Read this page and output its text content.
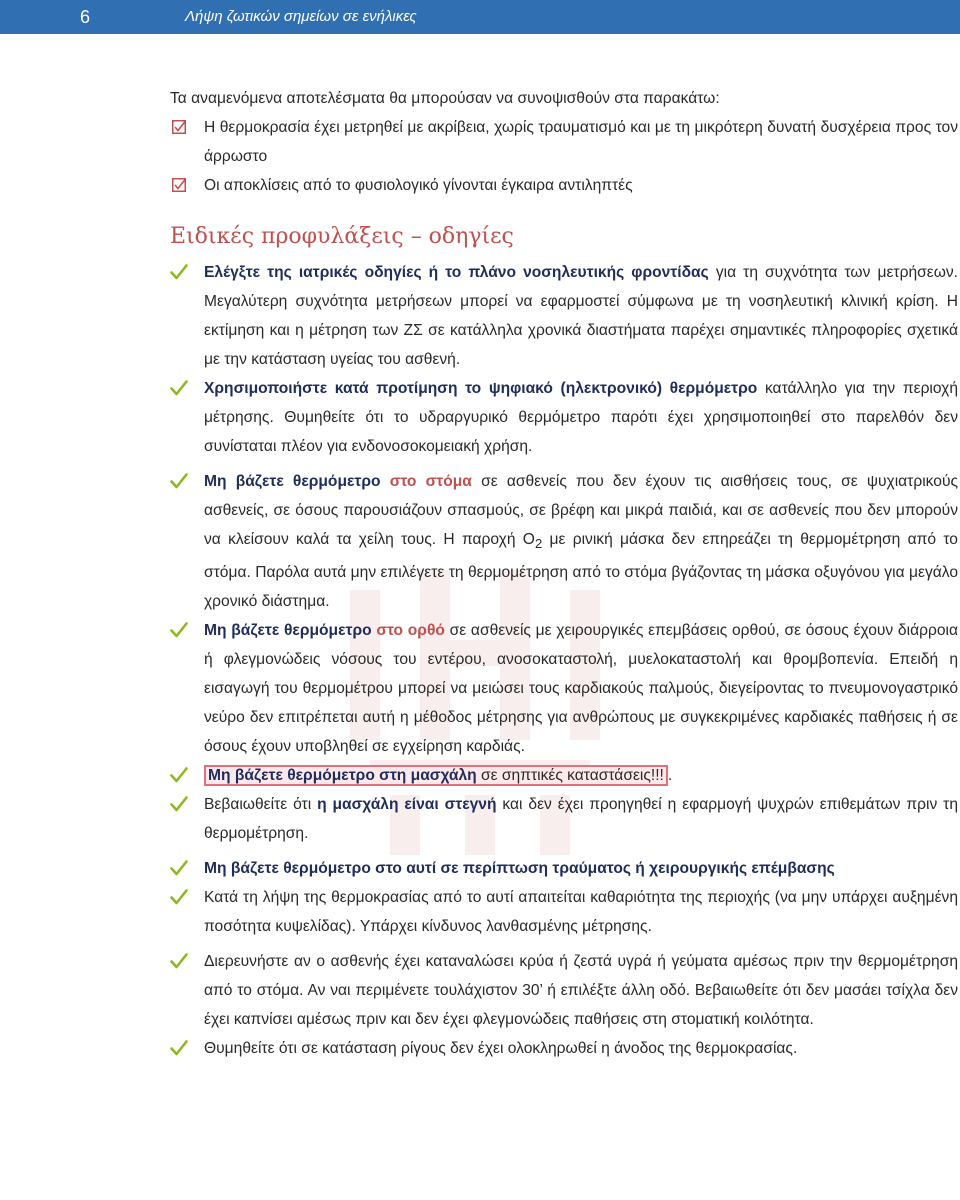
6	Λήψη ζωτικών σημείων σε ενήλικες
Τα αναμενόμενα αποτελέσματα θα μπορούσαν να συνοψισθούν στα παρακάτω:
Η θερμοκρασία έχει μετρηθεί με ακρίβεια, χωρίς τραυματισμό και με τη μικρότερη δυνατή δυσχέρεια προς τον άρρωστο
Οι αποκλίσεις από το φυσιολογικό γίνονται έγκαιρα αντιληπτές
Ειδικές προφυλάξεις – οδηγίες
Ελέγξτε της ιατρικές οδηγίες ή το πλάνο νοσηλευτικής φροντίδας για τη συχνότητα των μετρήσεων. Μεγαλύτερη συχνότητα μετρήσεων μπορεί να εφαρμοστεί σύμφωνα με τη νοσηλευτική κλινική κρίση. Η εκτίμηση και η μέτρηση των ΖΣ σε κατάλληλα χρονικά διαστήματα παρέχει σημαντικές πληροφορίες σχετικά με την κατάσταση υγείας του ασθενή.
Χρησιμοποιήστε κατά προτίμηση το ψηφιακό (ηλεκτρονικό) θερμόμετρο κατάλληλο για την περιοχή μέτρησης. Θυμηθείτε ότι το υδραργυρικό θερμόμετρο παρότι έχει χρησιμοποιηθεί στο παρελθόν δεν συνίσταται πλέον για ενδονοσοκομειακή χρήση.
Μη βάζετε θερμόμετρο στο στόμα σε ασθενείς που δεν έχουν τις αισθήσεις τους, σε ψυχιατρικούς ασθενείς, σε όσους παρουσιάζουν σπασμούς, σε βρέφη και μικρά παιδιά, και σε ασθενείς που δεν μπορούν να κλείσουν καλά τα χείλη τους. Η παροχή $O_2$ με ρινική μάσκα δεν επηρεάζει τη θερμομέτρηση από το στόμα. Παρόλα αυτά μην επιλέγετε τη θερμομέτρηση από το στόμα βγάζοντας τη μάσκα οξυγόνου για μεγάλο χρονικό διάστημα.
Μη βάζετε θερμόμετρο στο ορθό σε ασθενείς με χειρουργικές επεμβάσεις ορθού, σε όσους έχουν διάρροια ή φλεγμονώδεις νόσους του εντέρου, ανοσοκαταστολή, μυελοκαταστολή και θρομβοπενία. Επειδή η εισαγωγή του θερμομέτρου μπορεί να μειώσει τους καρδιακούς παλμούς, διεγείροντας το πνευμονογαστρικό νεύρο δεν επιτρέπεται αυτή η μέθοδος μέτρησης για ανθρώπους με συγκεκριμένες καρδιακές παθήσεις ή σε όσους έχουν υποβληθεί σε εγχείρηση καρδιάς.
Μη βάζετε θερμόμετρο στη μασχάλη σε σηπτικές καταστάσεις!!! .
Βεβαιωθείτε ότι η μασχάλη είναι στεγνή και δεν έχει προηγηθεί η εφαρμογή ψυχρών επιθεμάτων πριν τη θερμομέτρηση.
Μη βάζετε θερμόμετρο στο αυτί σε περίπτωση τραύματος ή χειρουργικής επέμβασης
Κατά τη λήψη της θερμοκρασίας από το αυτί απαιτείται καθαριότητα της περιοχής (να μην υπάρχει αυξημένη ποσότητα κυψελίδας). Υπάρχει κίνδυνος λανθασμένης μέτρησης.
Διερευνήστε αν ο ασθενής έχει καταναλώσει κρύα ή ζεστά υγρά ή γεύματα αμέσως πριν την θερμομέτρηση από το στόμα. Αν ναι περιμένετε τουλάχιστον 30’ ή επιλέξτε άλλη οδό. Βεβαιωθείτε ότι δεν μασάει τσίχλα δεν έχει καπνίσει αμέσως πριν και δεν έχει φλεγμονώδεις παθήσεις στη στοματική κοιλότητα.
Θυμηθείτε ότι σε κατάσταση ρίγους δεν έχει ολοκληρωθεί η άνοδος της θερμοκρασίας.
